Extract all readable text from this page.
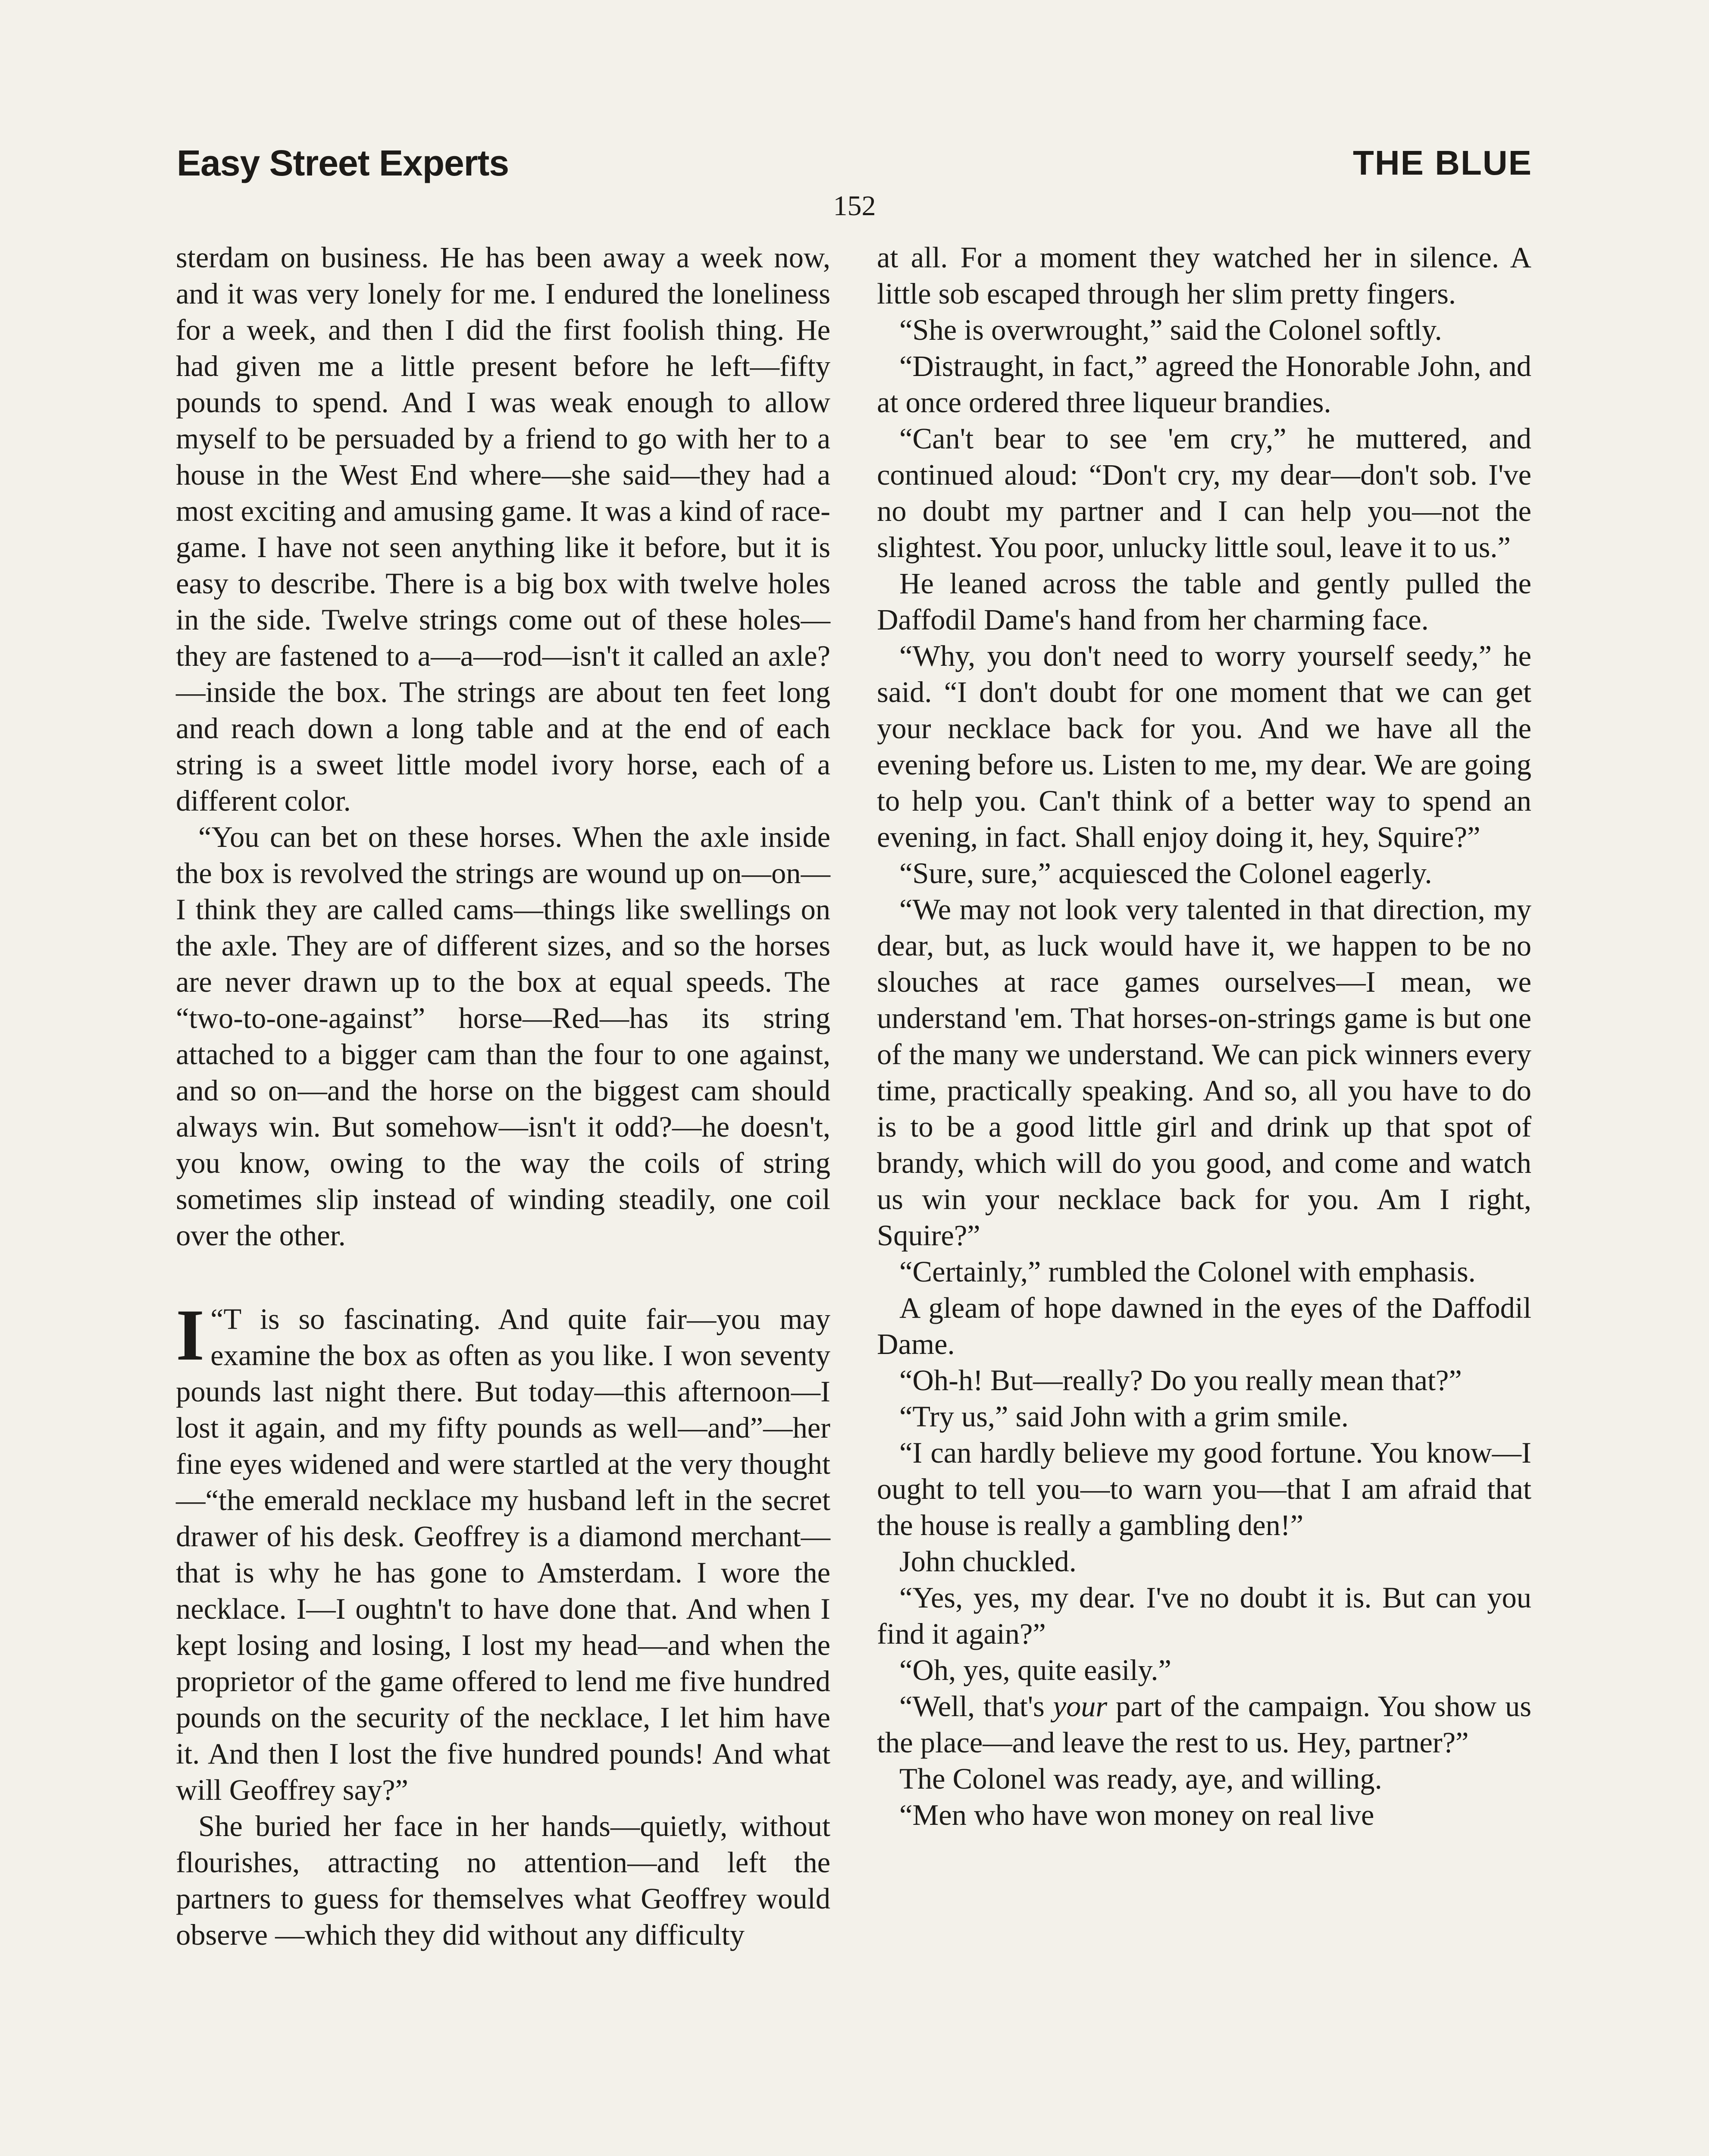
Easy Street Experts	THE BLUE
152

sterdam on business. He has been away a week now, and it was very lonely for me. I endured the loneliness for a week, and then I did the first foolish thing. He had given me a little present before he left—fifty pounds to spend. And I was weak enough to allow myself to be persuaded by a friend to go with her to a house in the West End where—she said—they had a most exciting and amusing game. It was a kind of race-game. I have not seen anything like it before, but it is easy to describe. There is a big box with twelve holes in the side. Twelve strings come out of these holes—they are fastened to a—a—rod—isn't it called an axle?—inside the box. The strings are about ten feet long and reach down a long table and at the end of each string is a sweet little model ivory horse, each of a different color.

“You can bet on these horses. When the axle inside the box is revolved the strings are wound up on—on—I think they are called cams—things like swellings on the axle. They are of different sizes, and so the horses are never drawn up to the box at equal speeds. The “two-to-one-against” horse—Red—has its string attached to a bigger cam than the four to one against, and so on—and the horse on the biggest cam should always win. But somehow—isn't it odd?—he doesn't, you know, owing to the way the coils of string sometimes slip instead of winding steadily, one coil over the other.

“
I T is so fascinating. And quite fair—you may examine the box as often as you like. I won seventy pounds last night there. But today—this afternoon—I lost it again, and my fifty pounds as well—and”—her fine eyes widened and were startled at the very thought—“the emerald necklace my husband left in the secret drawer of his desk. Geoffrey is a diamond merchant—that is why he has gone to Amsterdam. I wore the necklace. I—I oughtn't to have done that. And when I kept losing and losing, I lost my head—and when the proprietor of the game offered to lend me five hundred pounds on the security of the necklace, I let him have it. And then I lost the five hundred pounds! And what will Geoffrey say?”

She buried her face in her hands—quietly, without flourishes, attracting no attention—and left the partners to guess for themselves what Geoffrey would observe —which they did without any difficulty

at all. For a moment they watched her in silence. A little sob escaped through her slim pretty fingers.

“She is overwrought,” said the Colonel softly.

“Distraught, in fact,” agreed the Honorable John, and at once ordered three liqueur brandies.

“Can't bear to see 'em cry,” he muttered, and continued aloud: “Don't cry, my dear—don't sob. I've no doubt my partner and I can help you—not the slightest. You poor, unlucky little soul, leave it to us.”

He leaned across the table and gently pulled the Daffodil Dame's hand from her charming face.

“Why, you don't need to worry yourself seedy,” he said. “I don't doubt for one moment that we can get your necklace back for you. And we have all the evening before us. Listen to me, my dear. We are going to help you. Can't think of a better way to spend an evening, in fact. Shall enjoy doing it, hey, Squire?”

“Sure, sure,” acquiesced the Colonel eagerly.

“We may not look very talented in that direction, my dear, but, as luck would have it, we happen to be no slouches at race games ourselves—I mean, we understand 'em. That horses-on-strings game is but one of the many we understand. We can pick winners every time, practically speaking. And so, all you have to do is to be a good little girl and drink up that spot of brandy, which will do you good, and come and watch us win your necklace back for you. Am I right, Squire?”

“Certainly,” rumbled the Colonel with emphasis.

A gleam of hope dawned in the eyes of the Daffodil Dame.

“Oh-h! But—really? Do you really mean that?”

“Try us,” said John with a grim smile.

“I can hardly believe my good fortune. You know—I ought to tell you—to warn you—that I am afraid that the house is really a gambling den!”

John chuckled.

“Yes, yes, my dear. I've no doubt it is. But can you find it again?”

“Oh, yes, quite easily.”

“Well, that's your part of the campaign. You show us the place—and leave the rest to us. Hey, partner?”

The Colonel was ready, aye, and willing.

“Men who have won money on real live
